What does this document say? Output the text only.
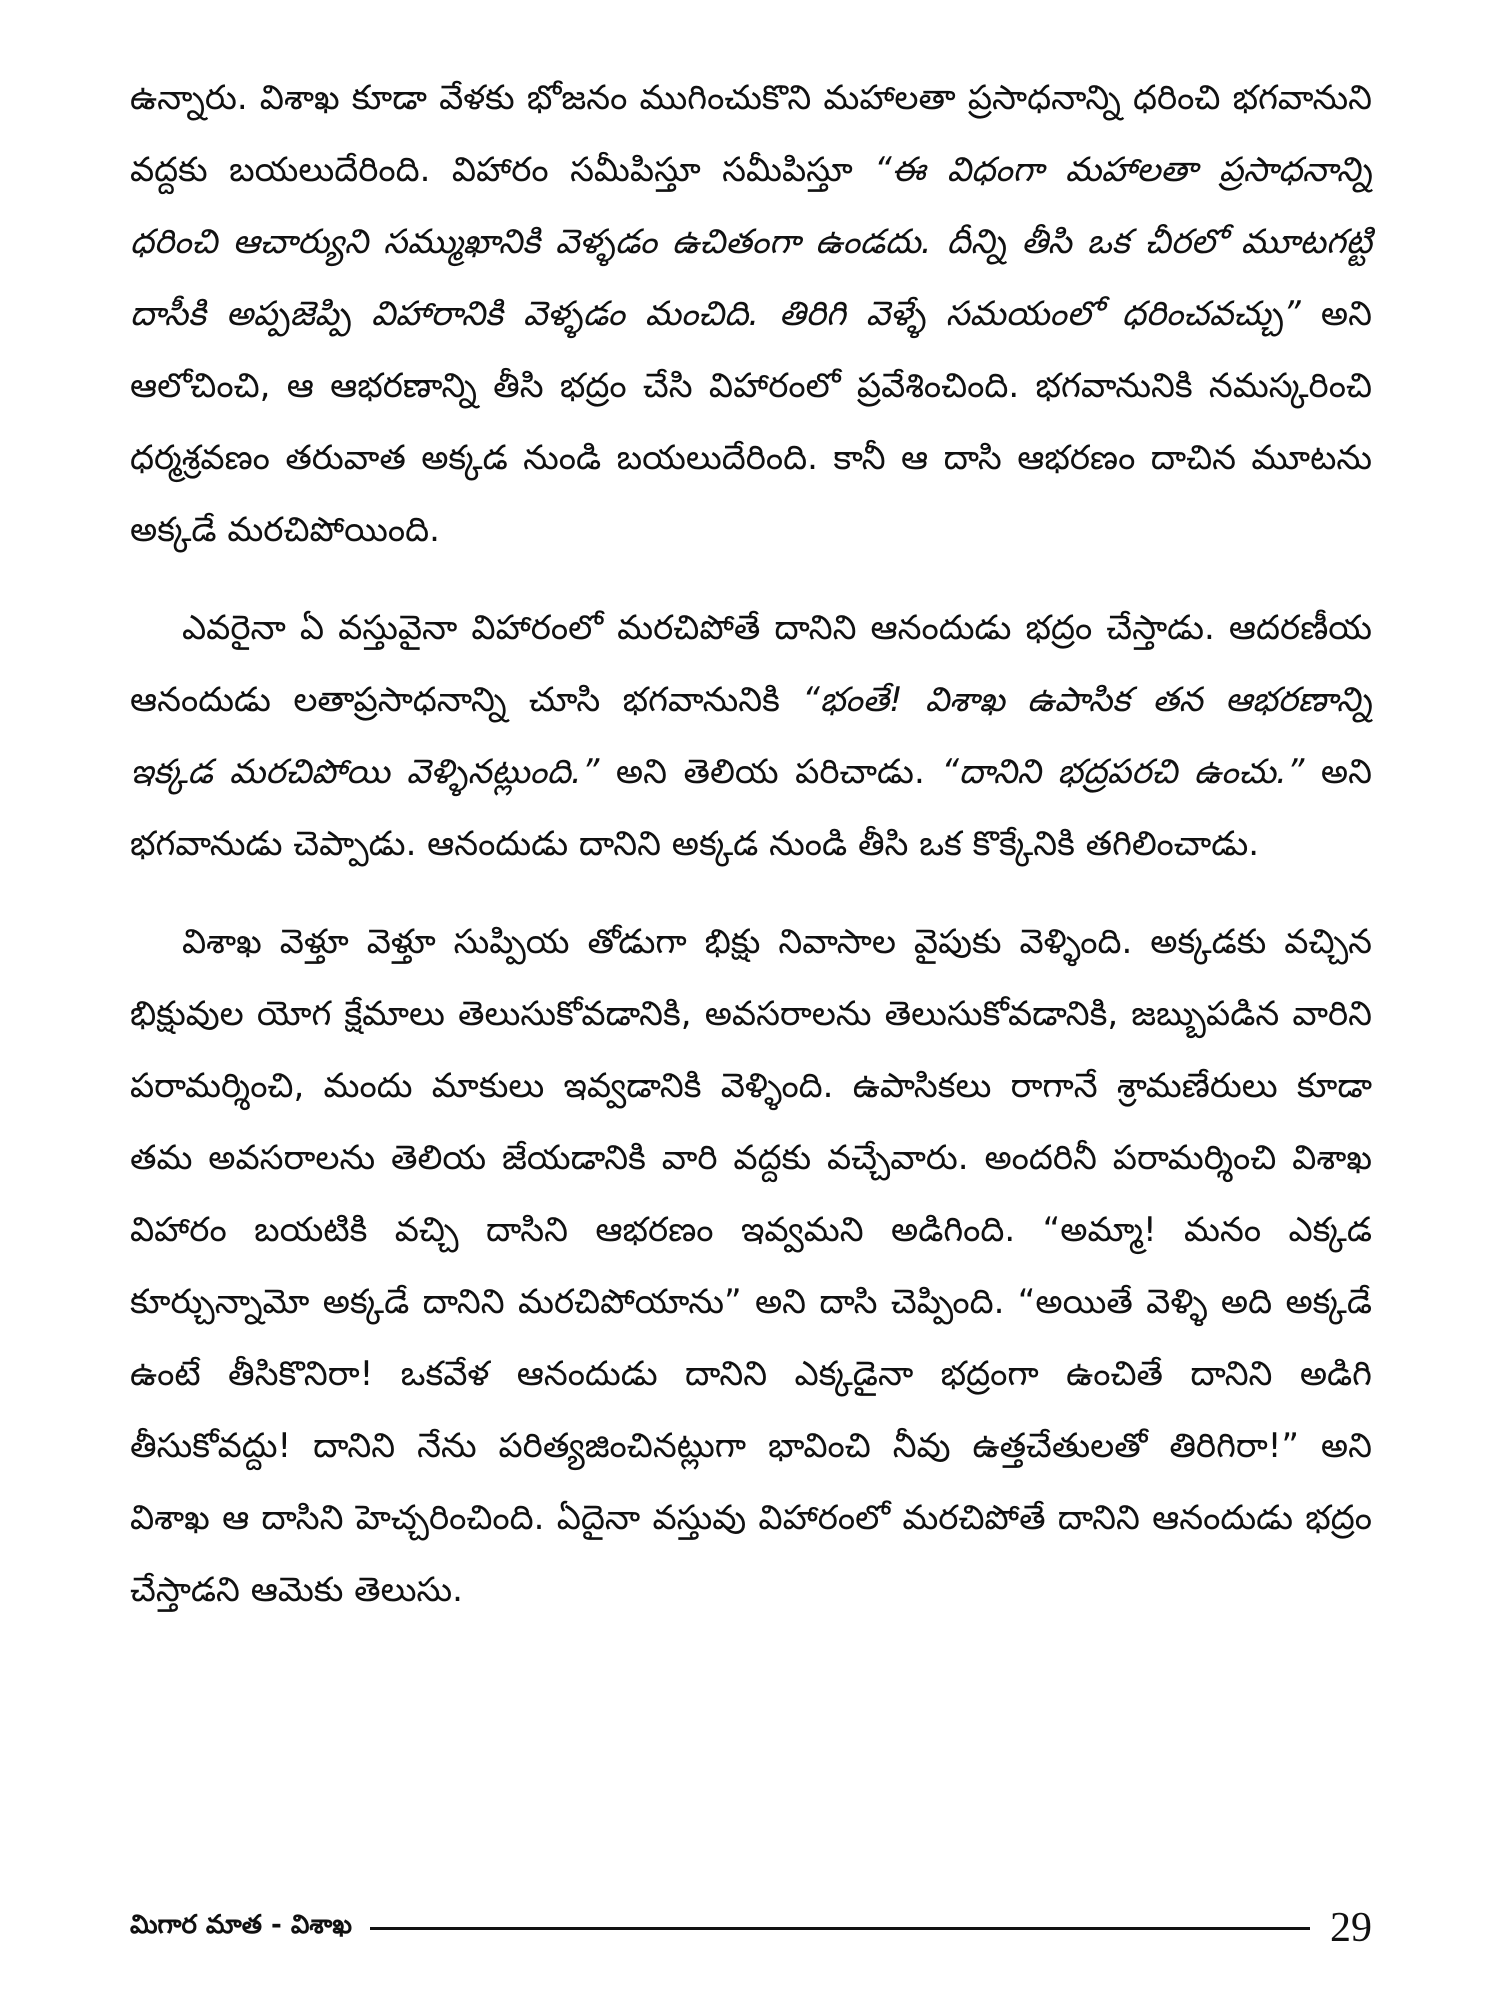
ఉన్నారు. విశాఖ కూడా వేళకు భోజనం ముగించుకొని మహాలతా ప్రసాధనాన్ని ధరించి భగవానుని వద్దకు బయలుదేరింది. విహారం సమీపిస్తూ సమీపిస్తూ “ఈ విధంగా మహాలతా ప్రసాధనాన్ని ధరించి ఆచార్యుని సమ్ముఖానికి వెళ్ళడం ఉచితంగా ఉండదు. దీన్ని తీసి ఒక చీరలో మూటగట్టి దాసీకి అప్పజెప్పి విహారానికి వెళ్ళడం మంచిది. తిరిగి వెళ్ళే సమయంలో ధరించవచ్చు” అని ఆలోచించి, ఆ ఆభరణాన్ని తీసి భద్రం చేసి విహారంలో ప్రవేశించింది. భగవానునికి నమస్కరించి ధర్మశ్రవణం తరువాత అక్కడ నుండి బయలుదేరింది. కానీ ఆ దాసి ఆభరణం దాచిన మూటను అక్కడే మరచిపోయింది.

ఎవరైనా ఏ వస్తువైనా విహారంలో మరచిపోతే దానిని ఆనందుడు భద్రం చేస్తాడు. ఆదరణీయ ఆనందుడు లతాప్రసాధనాన్ని చూసి భగవానునికి “భంతే! విశాఖ ఉపాసిక తన ఆభరణాన్ని ఇక్కడ మరచిపోయి వెళ్ళినట్లుంది.” అని తెలియ పరిచాడు. “దానిని భద్రపరచి ఉంచు.” అని భగవానుడు చెప్పాడు. ఆనందుడు దానిని అక్కడ నుండి తీసి ఒక కొక్కేనికి తగిలించాడు.

విశాఖ వెళ్తూ వెళ్తూ సుప్పియ తోడుగా భిక్షు నివాసాల వైపుకు వెళ్ళింది. అక్కడకు వచ్చిన భిక్షువుల యోగ క్షేమాలు తెలుసుకోవడానికి, అవసరాలను తెలుసుకోవడానికి, జబ్బుపడిన వారిని పరామర్శించి, మందు మాకులు ఇవ్వడానికి వెళ్ళింది. ఉపాసికలు రాగానే శ్రామణేరులు కూడా తమ అవసరాలను తెలియ జేయడానికి వారి వద్దకు వచ్చేవారు. అందరినీ పరామర్శించి విశాఖ విహారం బయటికి వచ్చి దాసిని ఆభరణం ఇవ్వమని అడిగింది. “అమ్మా! మనం ఎక్కడ కూర్చున్నామో అక్కడే దానిని మరచిపోయాను” అని దాసి చెప్పింది. “అయితే వెళ్ళి అది అక్కడే ఉంటే తీసికొనిరా! ఒకవేళ ఆనందుడు దానిని ఎక్కడైనా భద్రంగా ఉంచితే దానిని అడిగి తీసుకోవద్దు! దానిని నేను పరిత్యజించినట్లుగా భావించి నీవు ఉత్తచేతులతో తిరిగిరా!” అని విశాఖ ఆ దాసిని హెచ్చరించింది. ఏదైనా వస్తువు విహారంలో మరచిపోతే దానిని ఆనందుడు భద్రం చేస్తాడని ఆమెకు తెలుసు.

మిగార మాత - విశాఖ	29
